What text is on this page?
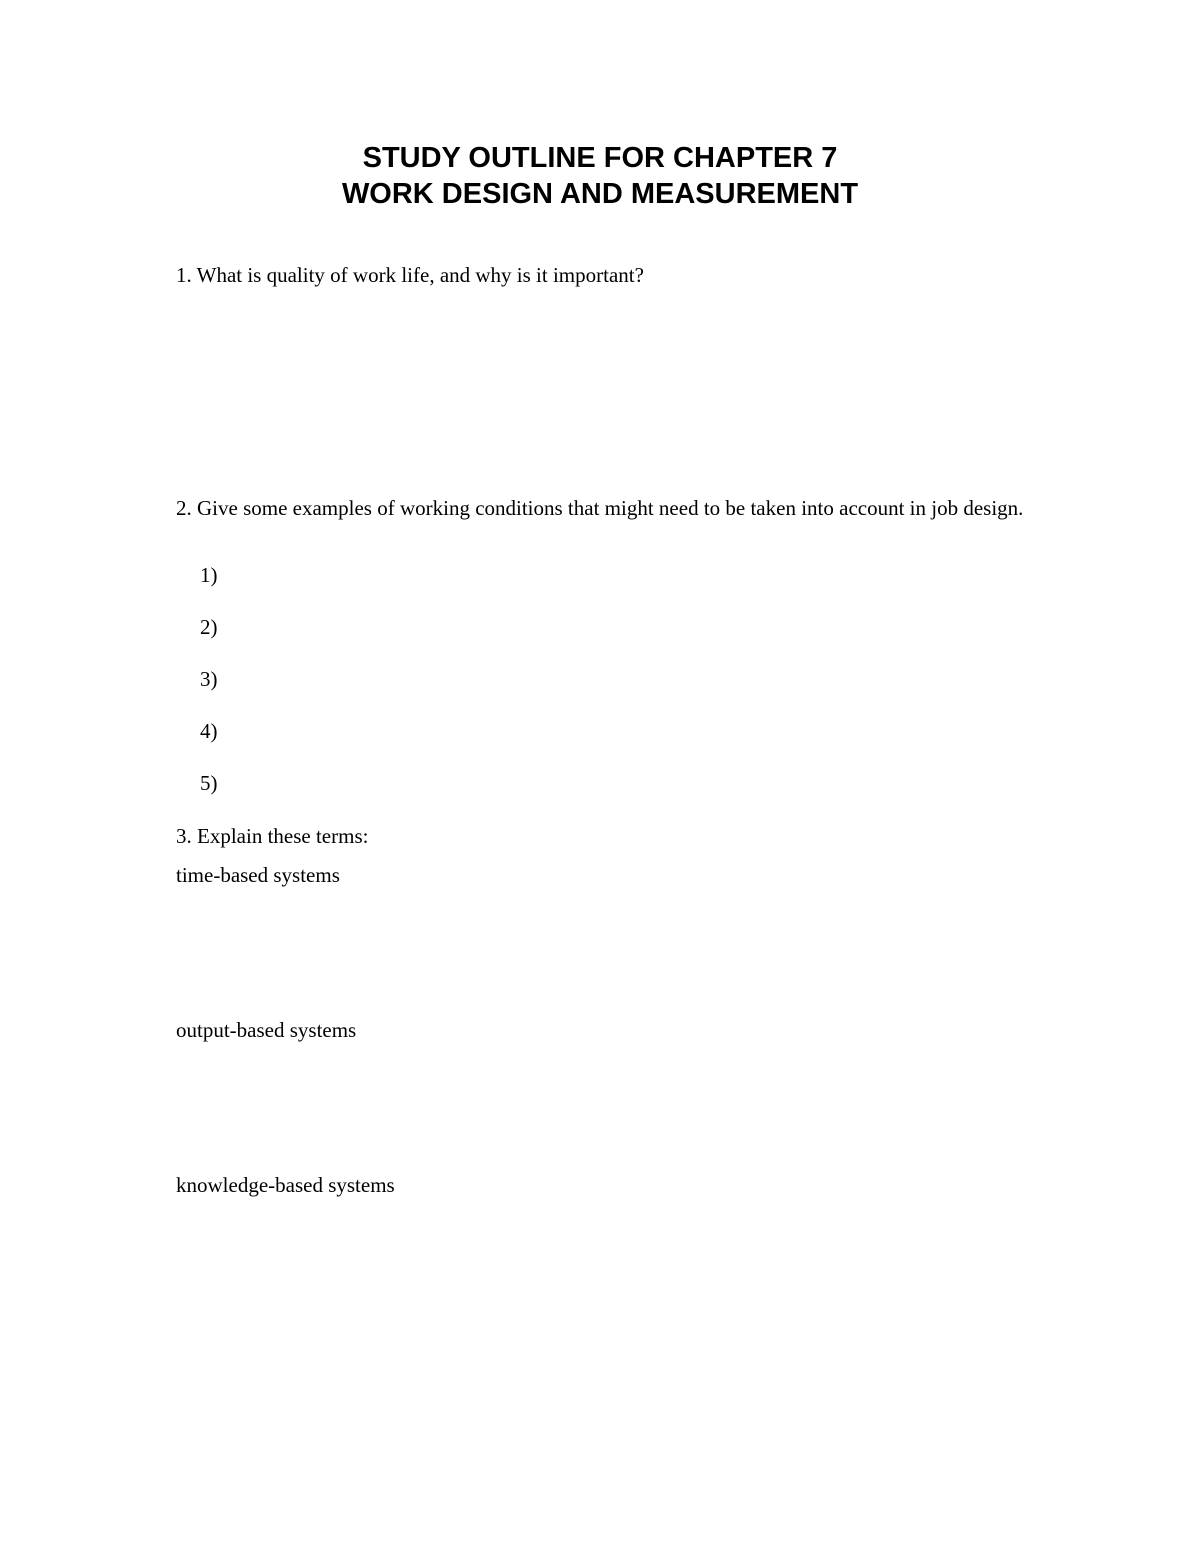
STUDY OUTLINE FOR CHAPTER 7
WORK DESIGN AND MEASUREMENT

1. What is quality of work life, and why is it important?

2. Give some examples of working conditions that might need to be taken into account in job design.

1)
2)
3)
4)
5)

3. Explain these terms:

time-based systems

output-based systems

knowledge-based systems
